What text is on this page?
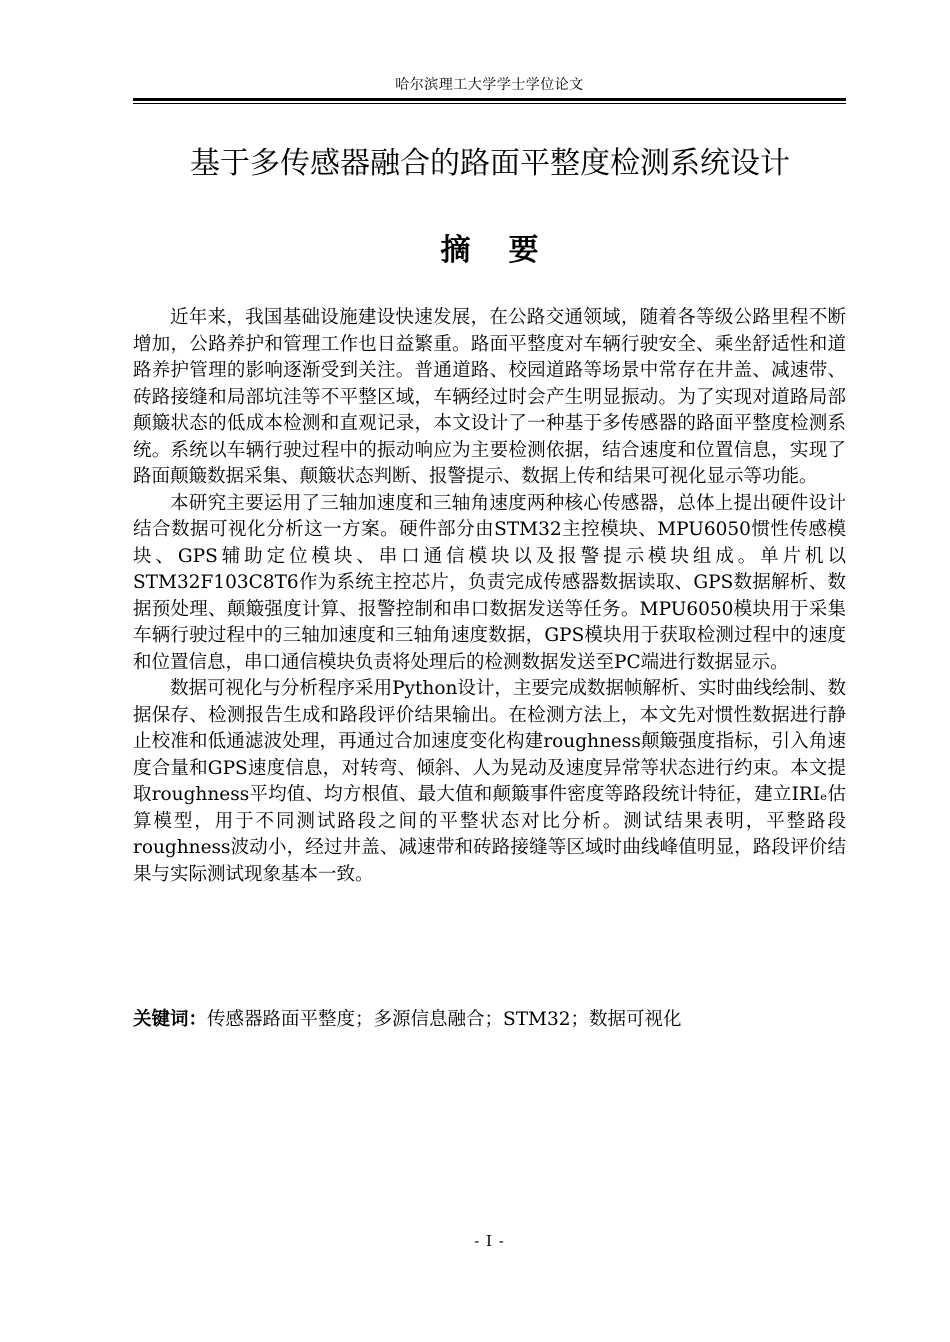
哈尔滨理工大学学士学位论文
基于多传感器融合的路面平整度检测系统设计
摘 要

近年来，我国基础设施建设快速发展，在公路交通领域，随着各等级公路里程不断增加，公路养护和管理工作也日益繁重。路面平整度对车辆行驶安全、乘坐舒适性和道路养护管理的影响逐渐受到关注。普通道路、校园道路等场景中常存在井盖、减速带、砖路接缝和局部坑洼等不平整区域，车辆经过时会产生明显振动。为了实现对道路局部颠簸状态的低成本检测和直观记录，本文设计了一种基于多传感器的路面平整度检测系统。系统以车辆行驶过程中的振动响应为主要检测依据，结合速度和位置信息，实现了路面颠簸数据采集、颠簸状态判断、报警提示、数据上传和结果可视化显示等功能。

本研究主要运用了三轴加速度和三轴角速度两种核心传感器，总体上提出硬件设计结合数据可视化分析这一方案。硬件部分由STM32主控模块、MPU6050惯性传感模块、GPS辅助定位模块、串口通信模块以及报警提示模块组成。单片机以 STM32F103C8T6作为系统主控芯片，负责完成传感器数据读取、GPS数据解析、数据预处理、颠簸强度计算、报警控制和串口数据发送等任务。MPU6050模块用于采集车辆行驶过程中的三轴加速度和三轴角速度数据，GPS模块用于获取检测过程中的速度和位置信息，串口通信模块负责将处理后的检测数据发送至PC端进行数据显示。

数据可视化与分析程序采用Python设计，主要完成数据帧解析、实时曲线绘制、数据保存、检测报告生成和路段评价结果输出。在检测方法上，本文先对惯性数据进行静止校准和低通滤波处理，再通过合加速度变化构建roughness颠簸强度指标，引入角速度合量和GPS速度信息，对转弯、倾斜、人为晃动及速度异常等状态进行约束。本文提取roughness平均值、均方根值、最大值和颠簸事件密度等路段统计特征，建立IRIₑ估算模型，用于不同测试路段之间的平整状态对比分析。测试结果表明，平整路段roughness波动小，经过井盖、减速带和砖路接缝等区域时曲线峰值明显，路段评价结果与实际测试现象基本一致。

关键词：传感器路面平整度；多源信息融合；STM32；数据可视化
- I -
